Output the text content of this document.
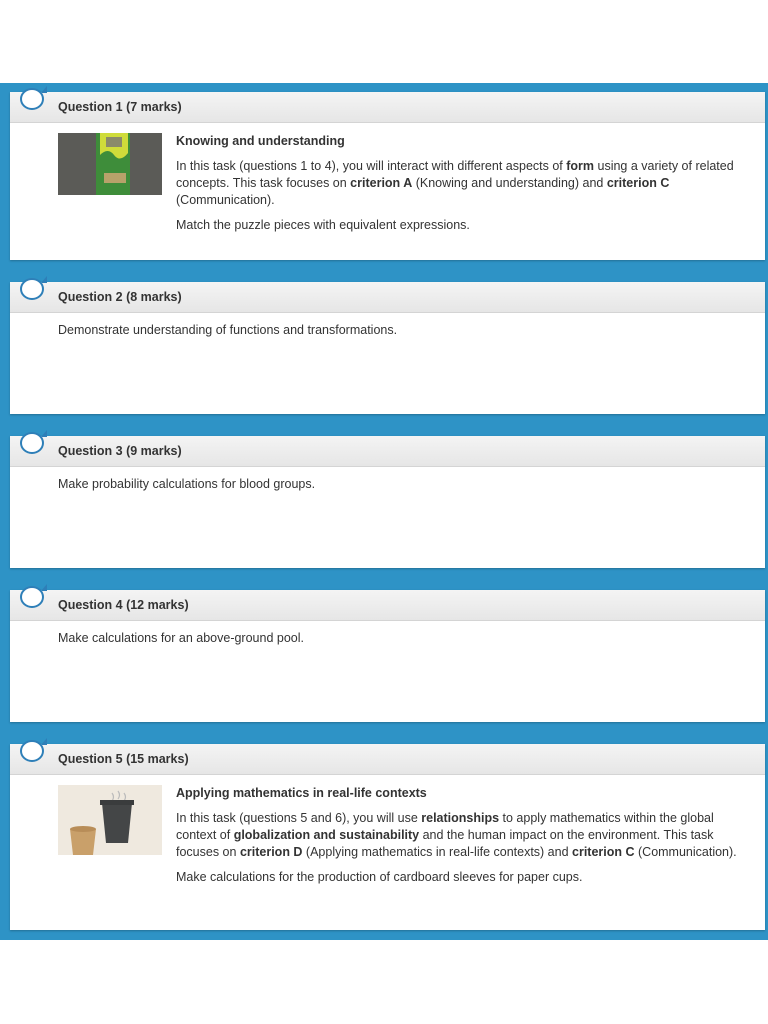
Question 1 (7 marks)
Knowing and understanding

In this task (questions 1 to 4), you will interact with different aspects of form using a variety of related concepts. This task focuses on criterion A (Knowing and understanding) and criterion C (Communication).

Match the puzzle pieces with equivalent expressions.

Question 2 (8 marks)
Demonstrate understanding of functions and transformations.
Question 3 (9 marks)
Make probability calculations for blood groups.
Question 4 (12 marks)
Make calculations for an above-ground pool.
Question 5 (15 marks)
Applying mathematics in real-life contexts

In this task (questions 5 and 6), you will use relationships to apply mathematics within the global context of globalization and sustainability and the human impact on the environment. This task focuses on criterion D (Applying mathematics in real-life contexts) and criterion C (Communication).

Make calculations for the production of cardboard sleeves for paper cups.
